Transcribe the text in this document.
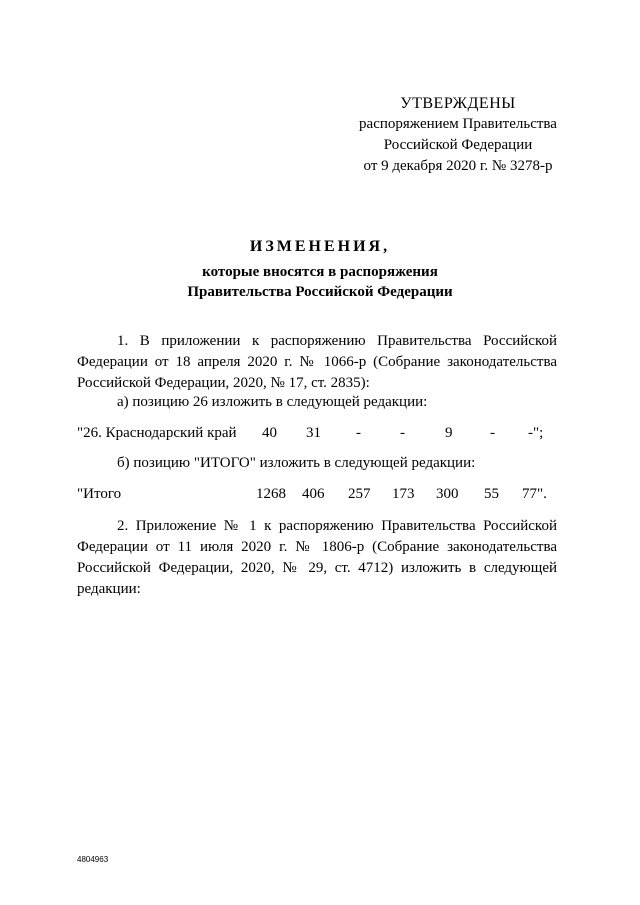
УТВЕРЖДЕНЫ
распоряжением Правительства
Российской Федерации
от 9 декабря 2020 г. № 3278-р
ИЗМЕНЕНИЯ,
которые вносятся в распоряжения
Правительства Российской Федерации

1. В приложении к распоряжению Правительства Российской Федерации от 18 апреля 2020 г. № 1066-р (Собрание законодательства Российской Федерации, 2020, № 17, ст. 2835):

а) позицию 26 изложить в следующей редакции:
"26. Краснодарский край 40 31 -	-	9	- -";
б) позицию "ИТОГО" изложить в следующей редакции:
"Итого	1268 406 257 173 300 55 77".

2. Приложение № 1 к распоряжению Правительства Российской Федерации от 11 июля 2020 г. № 1806-р (Собрание законодательства Российской Федерации, 2020, № 29, ст. 4712) изложить в следующей редакции:

4804963
